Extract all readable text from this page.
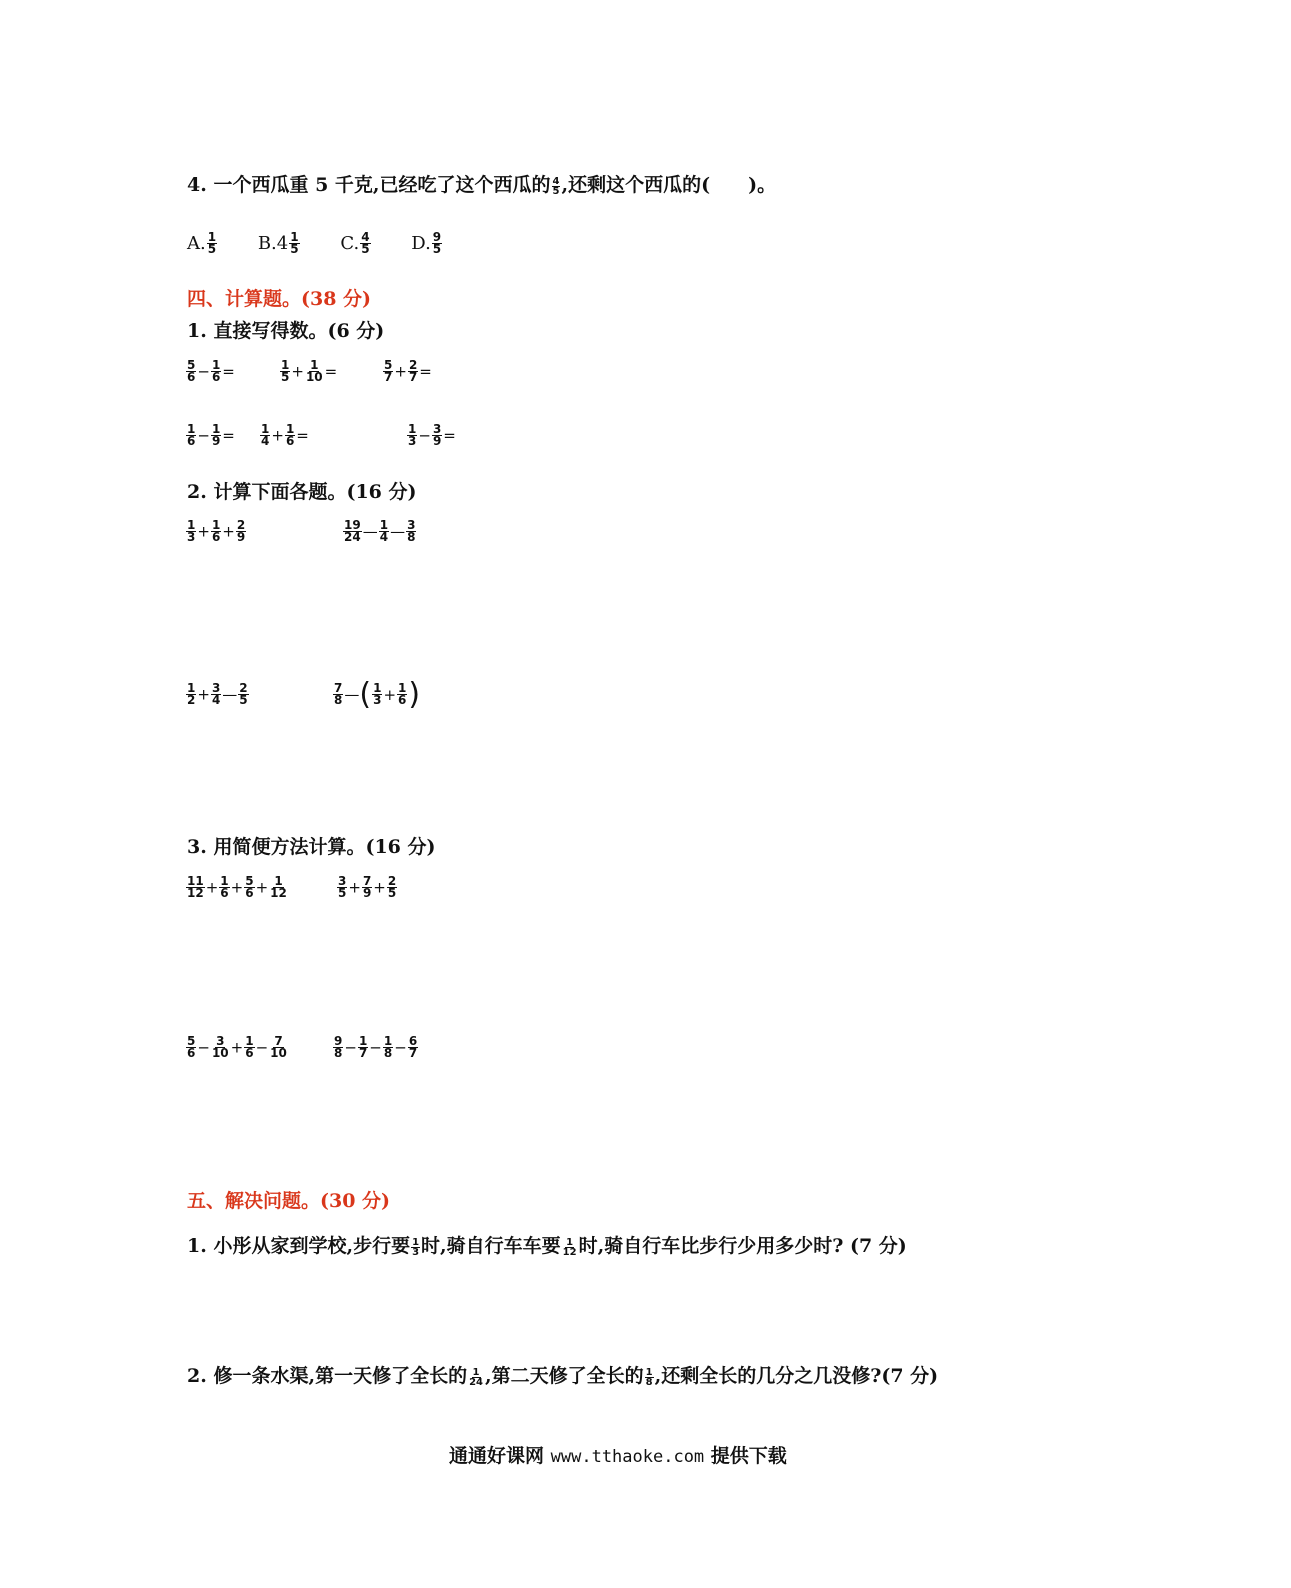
4. 一个西瓜重 5 千克,已经吃了这个西瓜的 $\frac{4}{5}$ ,还剩这个西瓜的(　　)。
A. $\frac{1}{5} B.4 \frac{1}{5} C$. $\frac{4}{5} D$. $\frac{9}{5}$
四、计算题。(38 分)
1. 直接写得数。(6 分)
$\frac{5}{6} - \frac{1}{6}$ =	$\frac{1}{5} + \frac{1}{10}$ =	$\frac{5}{7} + \frac{2}{7}$ =
$\frac{1}{6} - \frac{1}{9} = \frac{1}{4} + \frac{1}{6}$ =	$\frac{1}{3} - \frac{3}{9}$ =
2. 计算下面各题。(16 分)
$\frac{1}{3} + \frac{1}{6} + \frac{2}{9}$	$\frac{19}{24}$ — $\frac{1}{4}$ — $\frac{3}{8}$
$\frac{1}{2} + \frac{3}{4}$ — $\frac{2}{5}$	$\frac{7}{8}$ —( $\frac{1}{3} + \frac{1}{6}$ )
3. 用简便方法计算。(16 分)
$\frac{11}{12} + \frac{1}{6} + \frac{5}{6} + \frac{1}{12}$	$\frac{3}{5} + \frac{7}{9} + \frac{2}{5}$
$\frac{5}{6} - \frac{3}{10} + \frac{1}{6} - \frac{7}{10}$	$\frac{9}{8} - \frac{1}{7} - \frac{1}{8} - \frac{6}{7}$
五、解决问题。(30 分)
1. 小彤从家到学校,步行要 $\frac{1}{3}$ 时,骑自行车车要 $\frac{1}{12}$ 时,骑自行车比步行少用多少时? (7 分)
2. 修一条水渠,第一天修了全长的 $\frac{1}{24}$ ,第二天修了全长的 $\frac{1}{8}$ ,还剩全长的几分之几没修?(7 分)
通通好课网 www.tthaoke.com 提供下载
